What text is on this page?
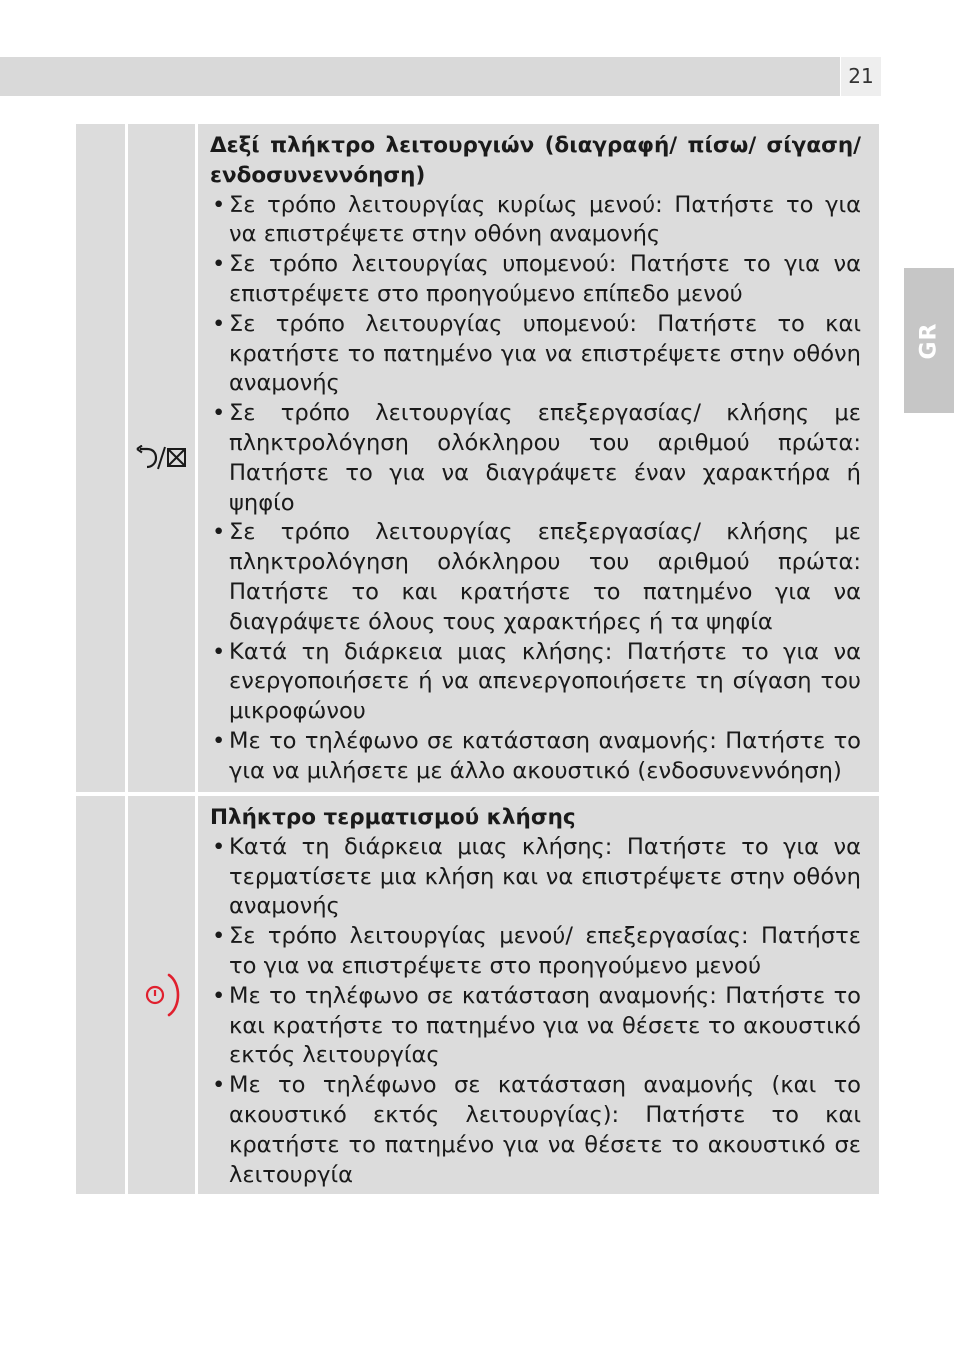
21
GR
Δεξί πλήκτρο λειτουργιών (διαγραφή/ πίσω/ σίγαση/ ενδοσυνεννόηση)
• Σε τρόπο λειτουργίας κυρίως μενού: Πατήστε το για να επιστρέψετε στην οθόνη αναμονής
• Σε τρόπο λειτουργίας υπομενού: Πατήστε το για να επιστρέψετε στο προηγούμενο επίπεδο μενού
• Σε τρόπο λειτουργίας υπομενού: Πατήστε το και κρατήστε το πατημένο για να επιστρέψετε στην οθόνη αναμονής
• Σε τρόπο λειτουργίας επεξεργασίας/ κλήσης με πληκτρολόγηση ολόκληρου του αριθμού πρώτα: Πατήστε το για να διαγράψετε έναν χαρακτήρα ή ψηφίο
• Σε τρόπο λειτουργίας επεξεργασίας/ κλήσης με πληκτρολόγηση ολόκληρου του αριθμού πρώτα: Πατήστε το και κρατήστε το πατημένο για να διαγράψετε όλους τους χαρακτήρες ή τα ψηφία
• Κατά τη διάρκεια μιας κλήσης: Πατήστε το για να ενεργοποιήσετε ή να απενεργοποιήσετε τη σίγαση του μικροφώνου
• Με το τηλέφωνο σε κατάσταση αναμονής: Πατήστε το για να μιλήσετε με άλλο ακουστικό (ενδοσυνεννόηση)
Πλήκτρο τερματισμού κλήσης
• Κατά τη διάρκεια μιας κλήσης: Πατήστε το για να τερματίσετε μια κλήση και να επιστρέψετε στην οθόνη αναμονής
• Σε τρόπο λειτουργίας μενού/ επεξεργασίας: Πατήστε το για να επιστρέψετε στο προηγούμενο μενού
• Με το τηλέφωνο σε κατάσταση αναμονής: Πατήστε το και κρατήστε το πατημένο για να θέσετε το ακουστικό εκτός λειτουργίας
• Με το τηλέφωνο σε κατάσταση αναμονής (και το ακουστικό εκτός λειτουργίας): Πατήστε το και κρατήστε το πατημένο για να θέσετε το ακουστικό σε λειτουργία
